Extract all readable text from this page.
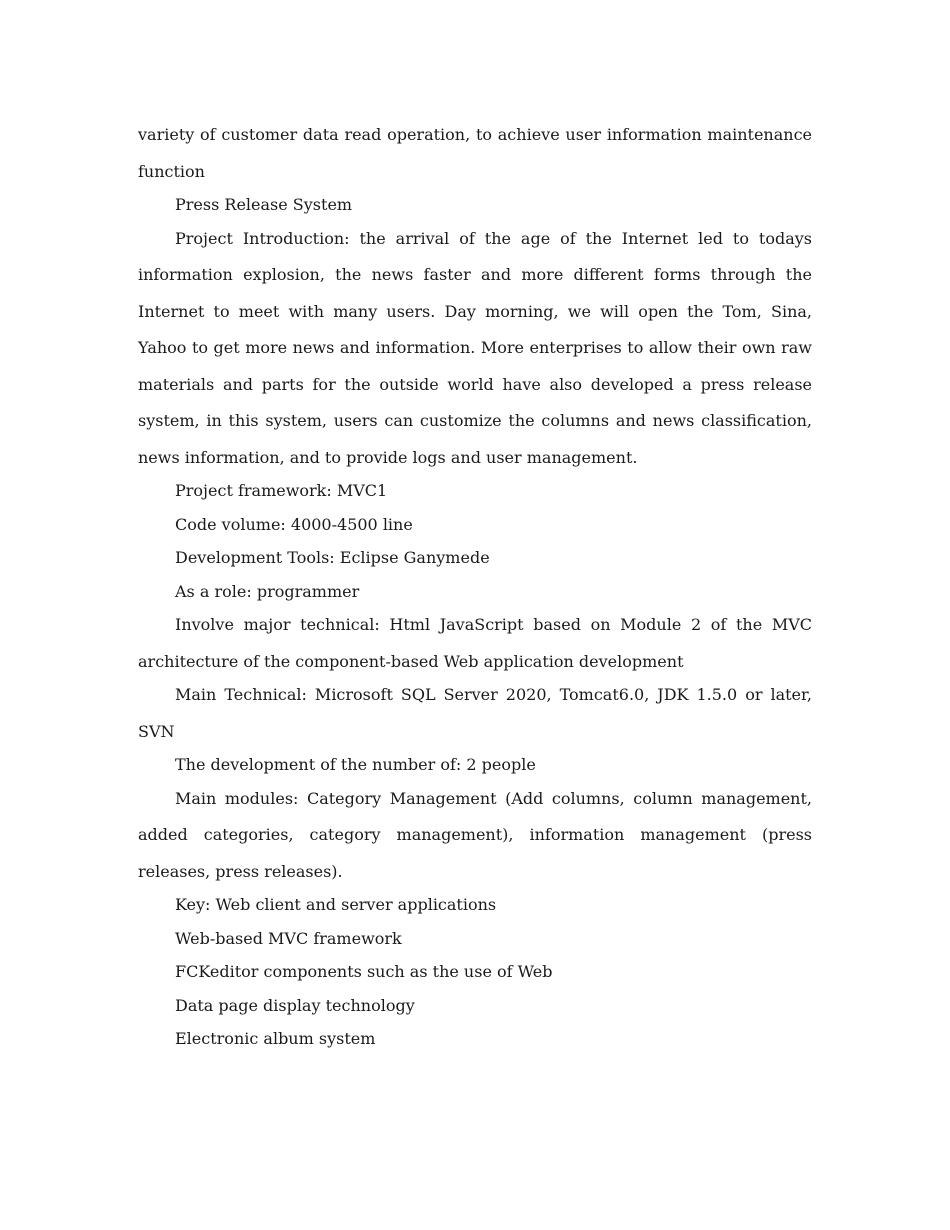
variety of customer data read operation, to achieve user information maintenance function

Press Release System

Project Introduction: the arrival of the age of the Internet led to todays information explosion, the news faster and more different forms through the Internet to meet with many users. Day morning, we will open the Tom, Sina, Yahoo to get more news and information. More enterprises to allow their own raw materials and parts for the outside world have also developed a press release system, in this system, users can customize the columns and news classification, news information, and to provide logs and user management.

Project framework: MVC1

Code volume: 4000-4500 line

Development Tools: Eclipse Ganymede

As a role: programmer

Involve major technical: Html JavaScript based on Module 2 of the MVC architecture of the component-based Web application development

Main Technical: Microsoft SQL Server 2020, Tomcat6.0, JDK 1.5.0 or later, SVN

The development of the number of: 2 people

Main modules: Category Management (Add columns, column management, added categories, category management), information management (press releases, press releases).

Key: Web client and server applications

Web-based MVC framework

FCKeditor components such as the use of Web

Data page display technology

Electronic album system
